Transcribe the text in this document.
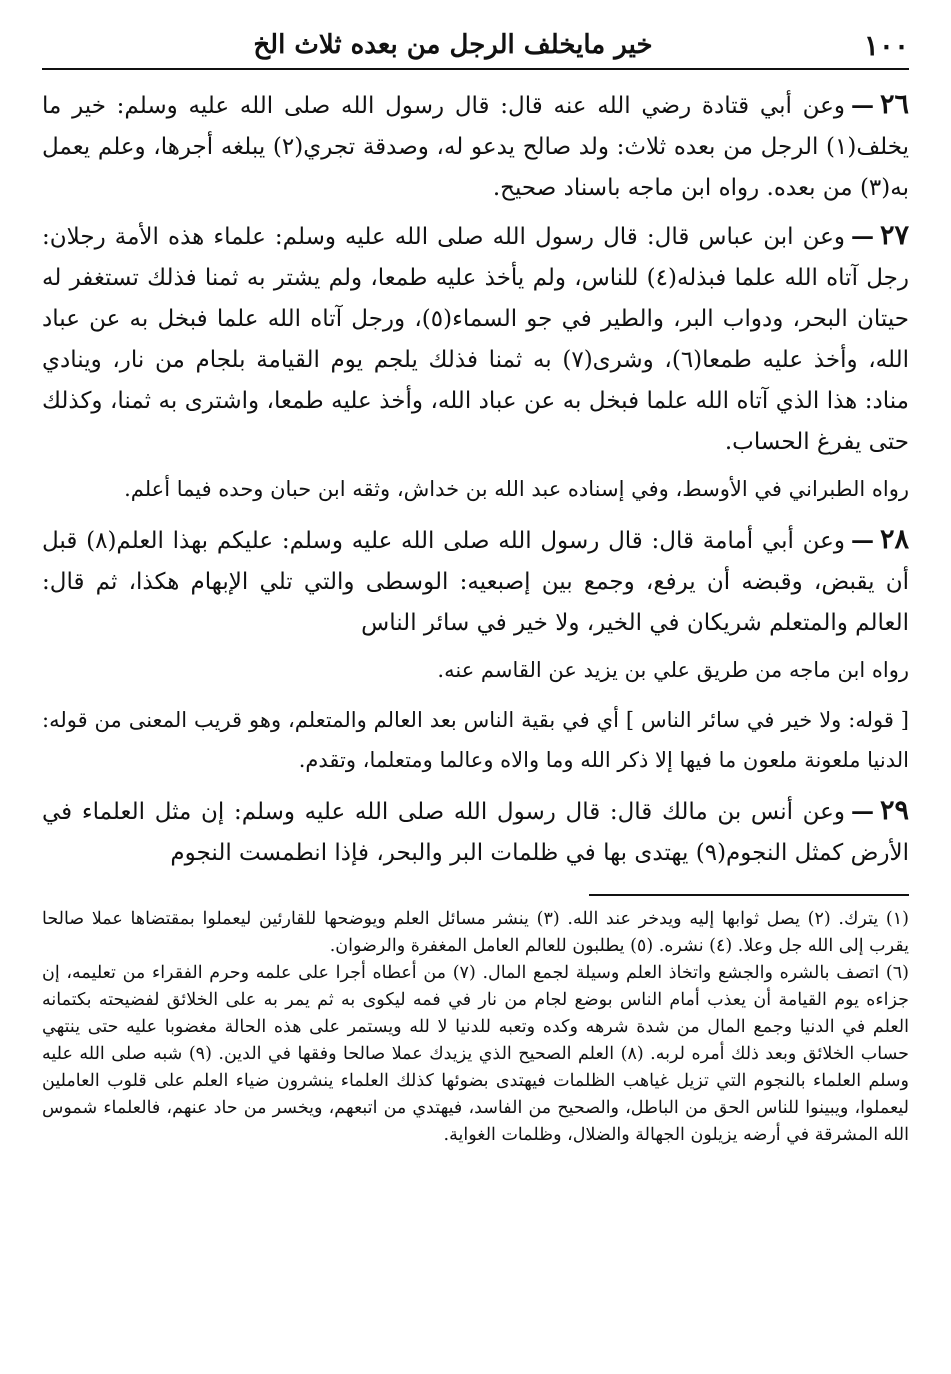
١٠٠
خير مايخلف الرجل من بعده ثلاث الخ

٢٦—وعن أبي قتادة رضي الله عنه قال: قال رسول الله صلى الله عليه وسلم: خير ما يخلف(١) الرجل من بعده ثلاث: ولد صالح يدعو له، وصدقة تجري(٢) يبلغه أجرها، وعلم يعمل به(٣) من بعده. رواه ابن ماجه باسناد صحيح.

٢٧—وعن ابن عباس قال: قال رسول الله صلى الله عليه وسلم: علماء هذه الأمة رجلان: رجل آتاه الله علما فبذله(٤) للناس، ولم يأخذ عليه طمعا، ولم يشتر به ثمنا فذلك تستغفر له حيتان البحر، ودواب البر، والطير في جو السماء(٥)، ورجل آتاه الله علما فبخل به عن عباد الله، وأخذ عليه طمعا(٦)، وشرى(٧) به ثمنا فذلك يلجم يوم القيامة بلجام من نار، وينادي مناد: هذا الذي آتاه الله علما فبخل به عن عباد الله، وأخذ عليه طمعا، واشترى به ثمنا، وكذلك حتى يفرغ الحساب.

رواه الطبراني في الأوسط، وفي إسناده عبد الله بن خداش، وثقه ابن حبان وحده فيما أعلم.

٢٨—وعن أبي أمامة قال: قال رسول الله صلى الله عليه وسلم: عليكم بهذا العلم(٨) قبل أن يقبض، وقبضه أن يرفع، وجمع بين إصبعيه: الوسطى والتي تلي الإبهام هكذا، ثم قال: العالم والمتعلم شريكان في الخير، ولا خير في سائر الناس

رواه ابن ماجه من طريق علي بن يزيد عن القاسم عنه.

[ قوله: ولا خير في سائر الناس ] أي في بقية الناس بعد العالم والمتعلم، وهو قريب المعنى من قوله: الدنيا ملعونة ملعون ما فيها إلا ذكر الله وما والاه وعالما ومتعلما، وتقدم.

٢٩—وعن أنس بن مالك قال: قال رسول الله صلى الله عليه وسلم: إن مثل العلماء في الأرض كمثل النجوم(٩) يهتدى بها في ظلمات البر والبحر، فإذا انطمست النجوم

(١) يترك. (٢) يصل ثوابها إليه ويدخر عند الله. (٣) ينشر مسائل العلم ويوضحها للقارئين ليعملوا بمقتضاها عملا صالحا يقرب إلى الله جل وعلا. (٤) نشره. (٥) يطلبون للعالم العامل المغفرة والرضوان.

(٦) اتصف بالشره والجشع واتخاذ العلم وسيلة لجمع المال. (٧) من أعطاه أجرا على علمه وحرم الفقراء من تعليمه، إن جزاءه يوم القيامة أن يعذب أمام الناس بوضع لجام من نار في فمه ليكوى به ثم يمر به على الخلائق لفضيحته بكتمانه العلم في الدنيا وجمع المال من شدة شرهه وكده وتعبه للدنيا لا لله ويستمر على هذه الحالة مغضوبا عليه حتى ينتهي حساب الخلائق وبعد ذلك أمره لربه. (٨) العلم الصحيح الذي يزيدك عملا صالحا وفقها في الدين. (٩) شبه صلى الله عليه وسلم العلماء بالنجوم التي تزيل غياهب الظلمات فيهتدى بضوئها كذلك العلماء ينشرون ضياء العلم على قلوب العاملين ليعملوا، ويبينوا للناس الحق من الباطل، والصحيح من الفاسد، فيهتدي من اتبعهم، ويخسر من حاد عنهم، فالعلماء شموس الله المشرقة في أرضه يزيلون الجهالة والضلال، وظلمات الغواية.
